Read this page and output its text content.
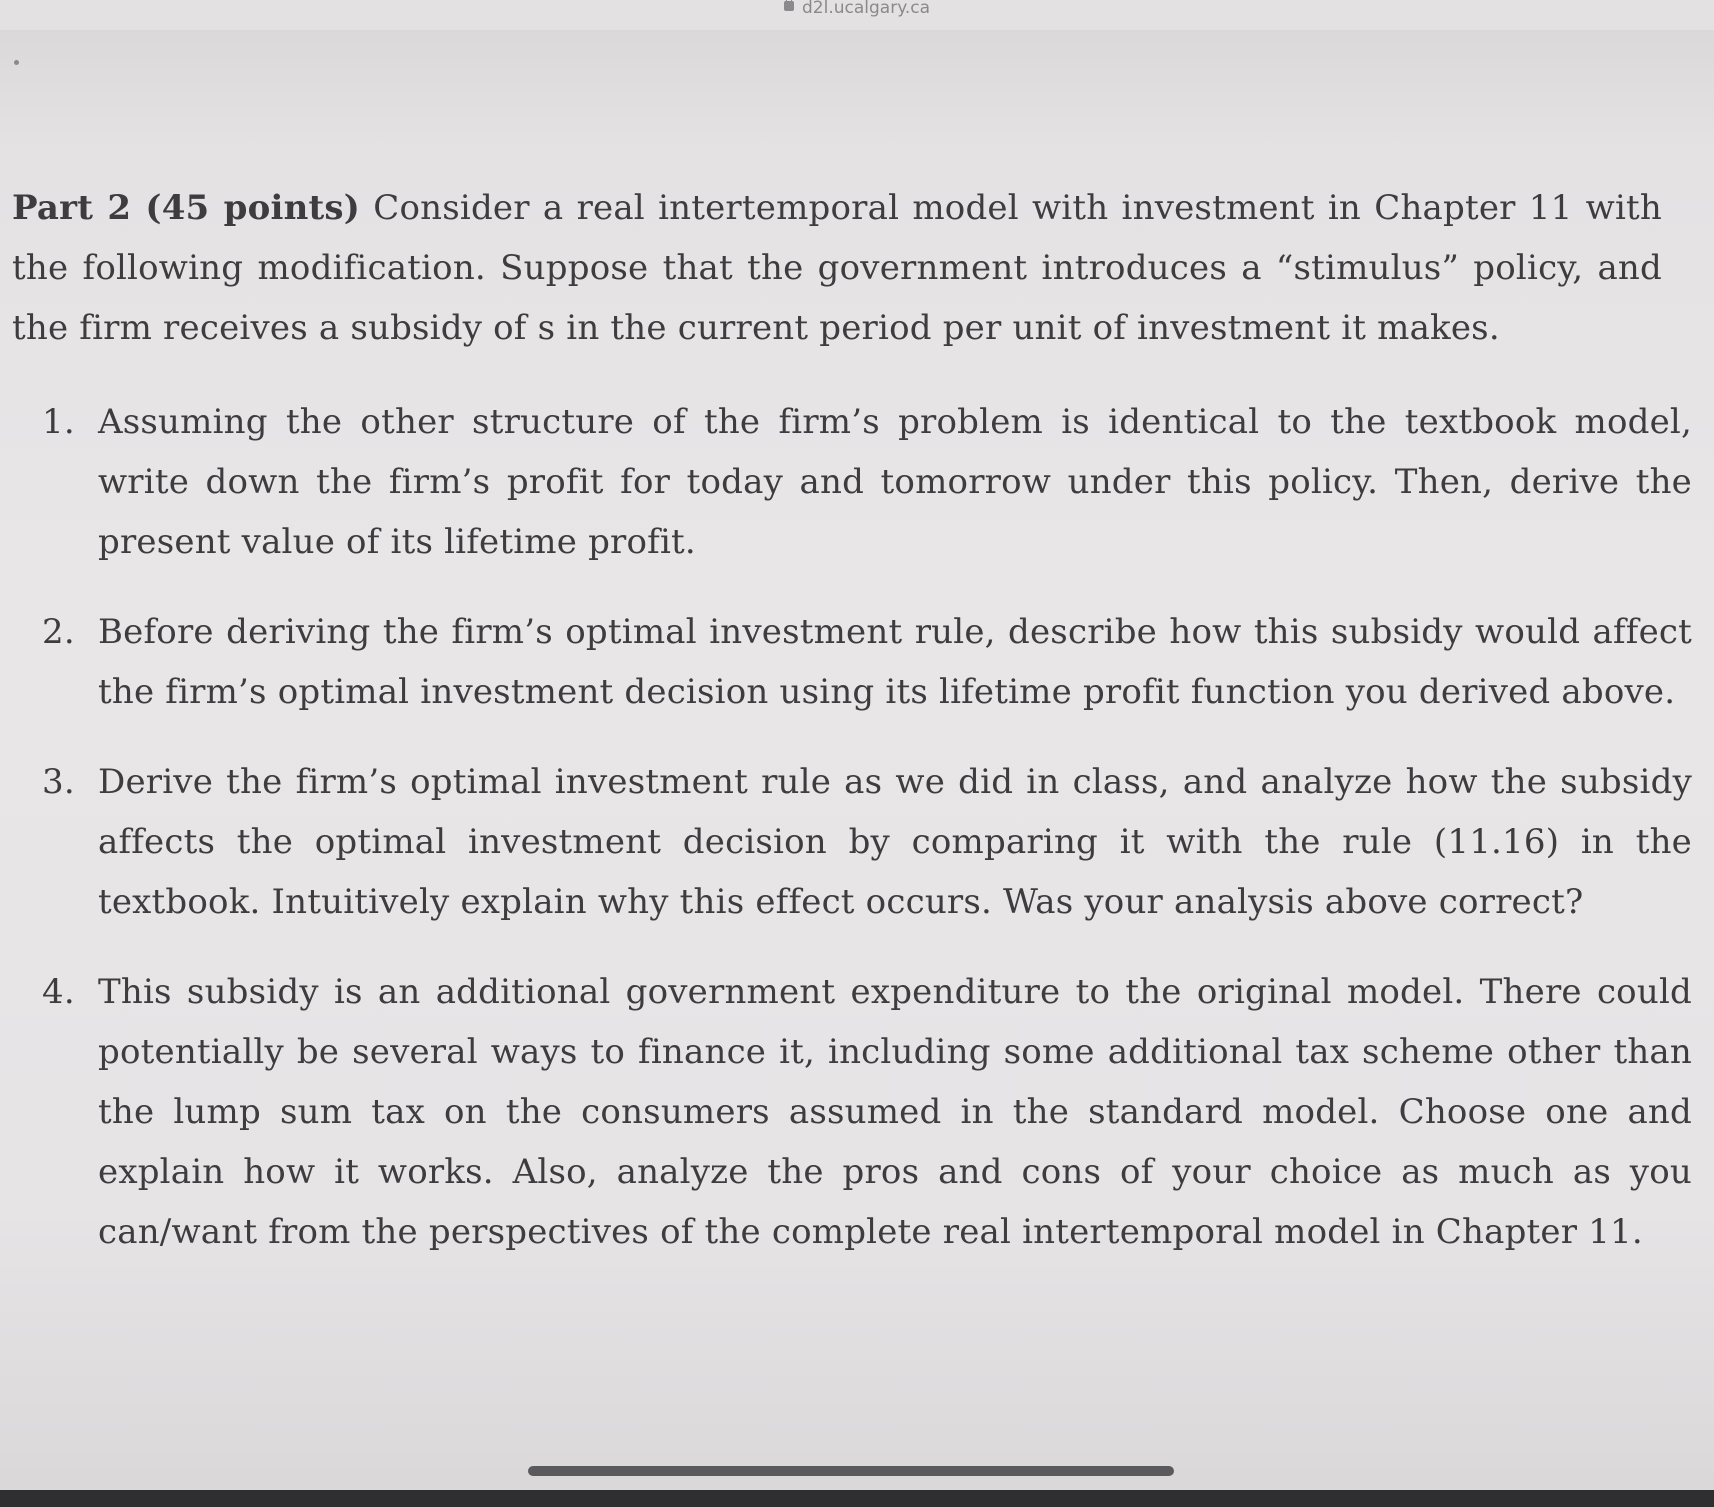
d2l.ucalgary.ca

Part 2 (45 points) Consider a real intertemporal model with investment in Chapter 11 with the following modification. Suppose that the government introduces a “stimulus” policy, and the firm receives a subsidy of s in the current period per unit of investment it makes.

1. Assuming the other structure of the firm’s problem is identical to the textbook model, write down the firm’s profit for today and tomorrow under this policy. Then, derive the present value of its lifetime profit.
2. Before deriving the firm’s optimal investment rule, describe how this subsidy would affect the firm’s optimal investment decision using its lifetime profit function you derived above.
3. Derive the firm’s optimal investment rule as we did in class, and analyze how the subsidy affects the optimal investment decision by comparing it with the rule (11.16) in the textbook. Intuitively explain why this effect occurs. Was your analysis above correct?
4. This subsidy is an additional government expenditure to the original model. There could potentially be several ways to finance it, including some additional tax scheme other than the lump sum tax on the consumers assumed in the standard model. Choose one and explain how it works. Also, analyze the pros and cons of your choice as much as you can/want from the perspectives of the complete real intertemporal model in Chapter 11.
